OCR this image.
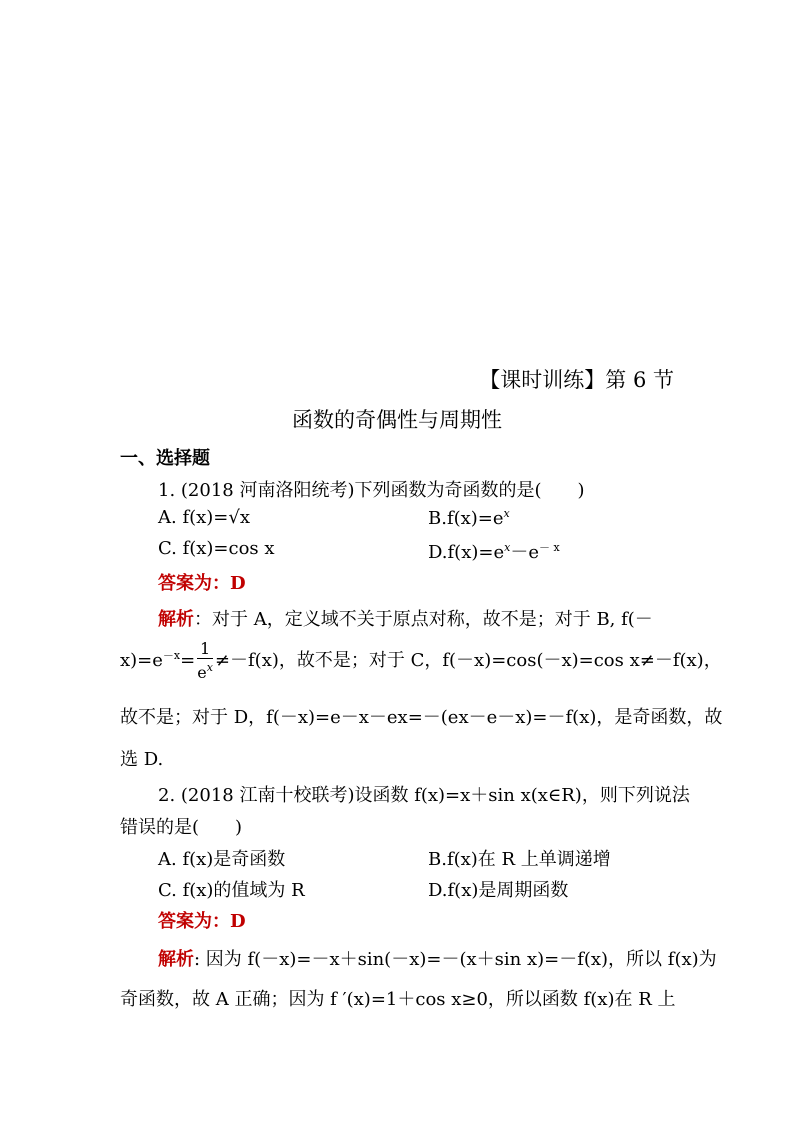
【课时训练】第 6 节
函数的奇偶性与周期性
一、选择题
1. (2018 河南洛阳统考)下列函数为奇函数的是(　　)
A. f(x)=√x	$B.f(x)=e^x$
C. f(x)=cos x	$D.f(x)=e^x-e^{- x}$
答案为：D
解析：对于 A，定义域不关于原点对称，故不是；对于 B, f(－
$x)=e^{-x}= \frac{1}{e^x} \ne-f(x)$，故不是；对于 C，f(－x)=cos(－x)=cos x≠－f(x)，
故不是；对于 D，f(－x)=e－x－ex=－(ex－e－x)=－f(x)，是奇函数，故
选 D.
2. (2018 江南十校联考)设函数 f(x)=x＋sin x(x∈R)，则下列说法
错误的是(　　)
A. f(x)是奇函数	B.f(x)在 R 上单调递增
C. f(x)的值域为 R	D.f(x)是周期函数
答案为：D
解析: 因为 f(－x)=－x＋sin(－x)=－(x＋sin x)=－f(x)，所以 f(x)为
奇函数，故 A 正确；因为 f ′(x)=1＋cos x≥0，所以函数 f(x)在 R 上
